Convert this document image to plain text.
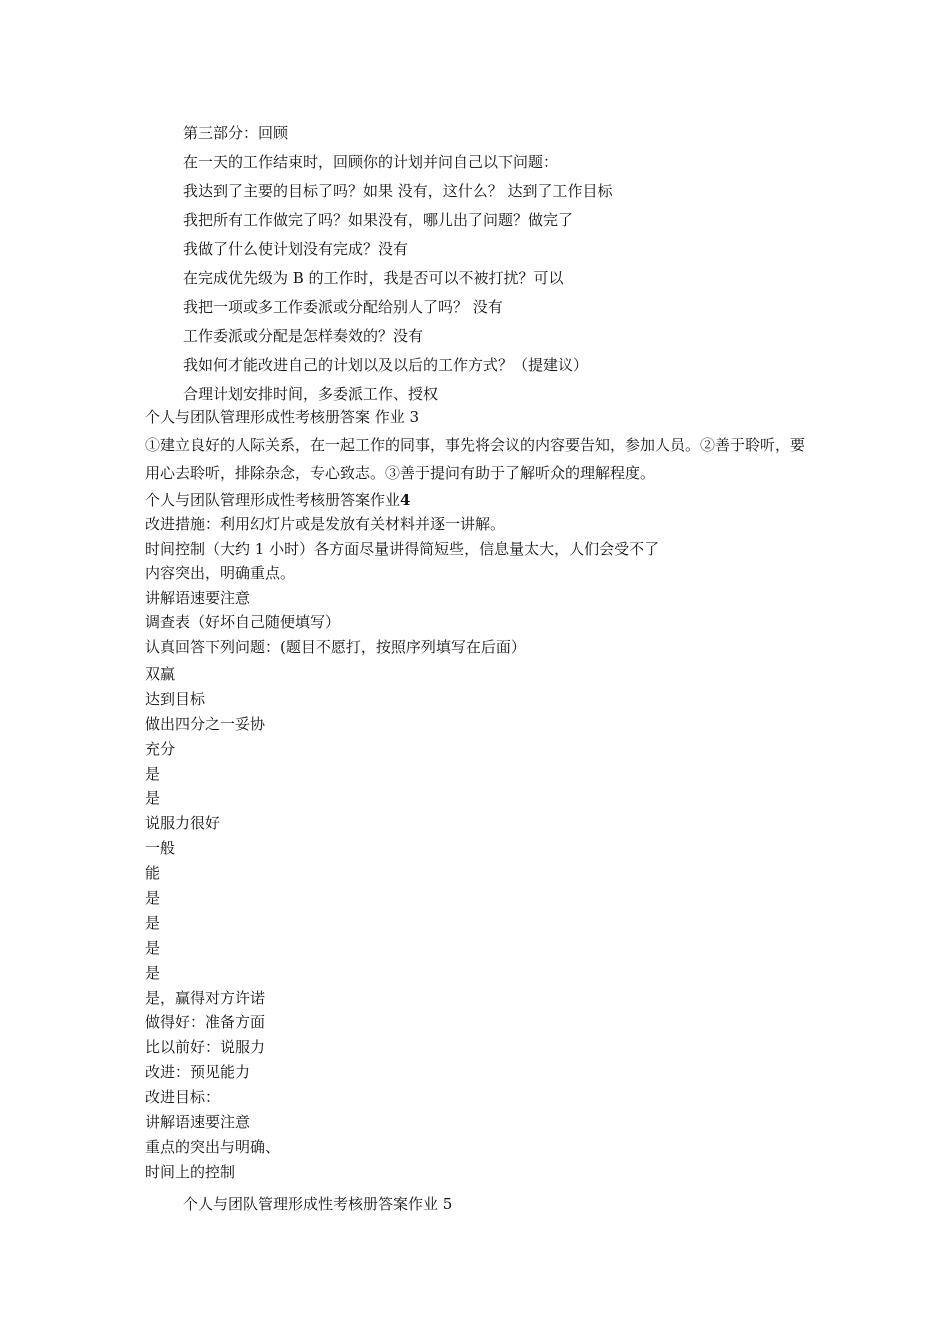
第三部分：回顾
在一天的工作结束时，回顾你的计划并问自己以下问题：
我达到了主要的目标了吗？如果 没有，这什么？ 达到了工作目标
我把所有工作做完了吗？如果没有，哪儿出了问题？做完了
我做了什么使计划没有完成？没有
在完成优先级为 B 的工作时，我是否可以不被打扰？可以
我把一项或多工作委派或分配给别人了吗？ 没有
工作委派或分配是怎样奏效的？没有
我如何才能改进自己的计划以及以后的工作方式？（提建议）
合理计划安排时间，多委派工作、授权
个人与团队管理形成性考核册答案 作业 3
①建立良好的人际关系，在一起工作的同事，事先将会议的内容要告知，参加人员。②善于聆听，要用心去聆听，排除杂念，专心致志。③善于提问有助于了解听众的理解程度。
个人与团队管理形成性考核册答案作业4
改进措施：利用幻灯片或是发放有关材料并逐一讲解。
时间控制（大约 1 小时）各方面尽量讲得简短些，信息量太大，人们会受不了
内容突出，明确重点。
讲解语速要注意
调查表（好坏自己随便填写）
认真回答下列问题：(题目不愿打，按照序列填写在后面）
双赢
达到目标
做出四分之一妥协
充分
是
是
说服力很好
一般
能
是
是
是
是
是，赢得对方许诺
做得好：准备方面
比以前好：说服力
改进：预见能力
改进目标：
讲解语速要注意
重点的突出与明确、
时间上的控制
个人与团队管理形成性考核册答案作业 5
